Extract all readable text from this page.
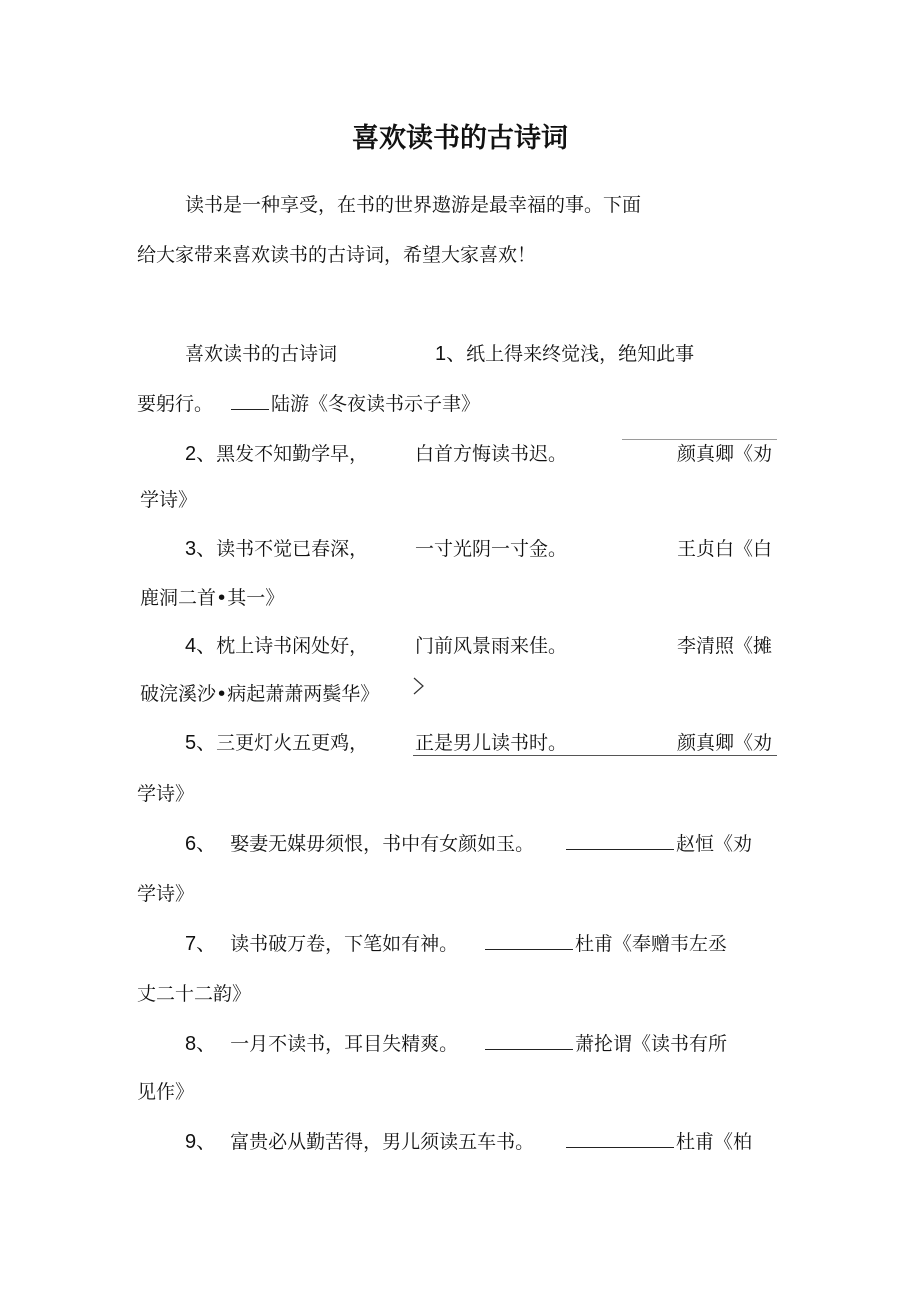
喜欢读书的古诗词
读书是一种享受，在书的世界遨游是最幸福的事。下面
给大家带来喜欢读书的古诗词，希望大家喜欢！
喜欢读书的古诗词	1、纸上得来终觉浅，绝知此事
要躬行。	陆游《冬夜读书示子聿》
2、黑发不知勤学早， 白首方悔读书迟。	颜真卿《劝
学诗》
3、读书不觉已春深， 一寸光阴一寸金。	王贞白《白
鹿洞二首•其一》
4、枕上诗书闲处好， 门前风景雨来佳。	李清照《摊
破浣溪沙•病起萧萧两鬓华》
5、三更灯火五更鸡， 正是男儿读书时。	颜真卿《劝
学诗》
6、 娶妻无媒毋须恨，书中有女颜如玉。	赵恒《劝
学诗》
7、 读书破万卷，下笔如有神。	杜甫《奉赠韦左丞
丈二十二韵》
8、 一月不读书，耳目失精爽。	萧抡谓《读书有所
见作》
9、 富贵必从勤苦得，男儿须读五车书。	杜甫《柏
